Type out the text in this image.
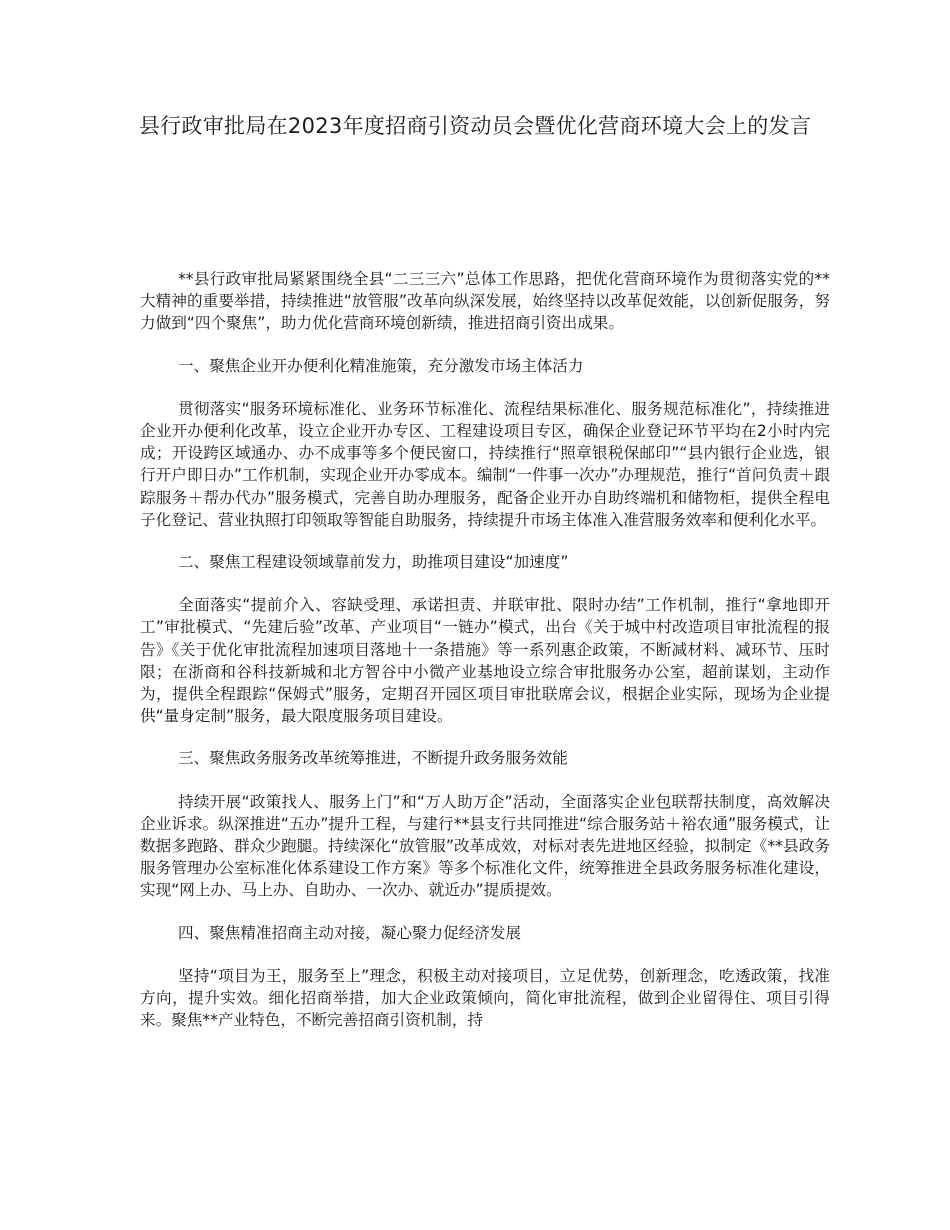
县行政审批局在2023年度招商引资动员会暨优化营商环境大会上的发言

**县行政审批局紧紧围绕全县“二三三六”总体工作思路，把优化营商环境作为贯彻落实党的**大精神的重要举措，持续推进“放管服”改革向纵深发展，始终坚持以改革促效能，以创新促服务，努力做到“四个聚焦”，助力优化营商环境创新绩，推进招商引资出成果。

一、聚焦企业开办便利化精准施策，充分激发市场主体活力

贯彻落实“服务环境标准化、业务环节标准化、流程结果标准化、服务规范标准化”，持续推进企业开办便利化改革，设立企业开办专区、工程建设项目专区，确保企业登记环节平均在2小时内完成；开设跨区域通办、办不成事等多个便民窗口，持续推行“照章银税保邮印”“县内银行企业选，银行开户即日办”工作机制，实现企业开办零成本。编制“一件事一次办”办理规范，推行“首问负责＋跟踪服务＋帮办代办”服务模式，完善自助办理服务，配备企业开办自助终端机和储物柜，提供全程电子化登记、营业执照打印领取等智能自助服务，持续提升市场主体准入准营服务效率和便利化水平。

二、聚焦工程建设领域靠前发力，助推项目建设“加速度”

全面落实“提前介入、容缺受理、承诺担责、并联审批、限时办结”工作机制，推行“拿地即开工”审批模式、“先建后验”改革、产业项目“一链办”模式，出台《关于城中村改造项目审批流程的报告》《关于优化审批流程加速项目落地十一条措施》等一系列惠企政策，不断减材料、减环节、压时限；在浙商和谷科技新城和北方智谷中小微产业基地设立综合审批服务办公室，超前谋划，主动作为，提供全程跟踪“保姆式”服务，定期召开园区项目审批联席会议，根据企业实际，现场为企业提供“量身定制”服务，最大限度服务项目建设。

三、聚焦政务服务改革统筹推进，不断提升政务服务效能

持续开展“政策找人、服务上门”和“万人助万企”活动，全面落实企业包联帮扶制度，高效解决企业诉求。纵深推进“五办”提升工程，与建行**县支行共同推进“综合服务站＋裕农通”服务模式，让数据多跑路、群众少跑腿。持续深化“放管服”改革成效，对标对表先进地区经验，拟制定《**县政务服务管理办公室标准化体系建设工作方案》等多个标准化文件，统筹推进全县政务服务标准化建设，实现“网上办、马上办、自助办、一次办、就近办”提质提效。

四、聚焦精准招商主动对接，凝心聚力促经济发展

坚持“项目为王，服务至上”理念，积极主动对接项目，立足优势，创新理念，吃透政策，找准方向，提升实效。细化招商举措，加大企业政策倾向，简化审批流程，做到企业留得住、项目引得来。聚焦**产业特色，不断完善招商引资机制，持
